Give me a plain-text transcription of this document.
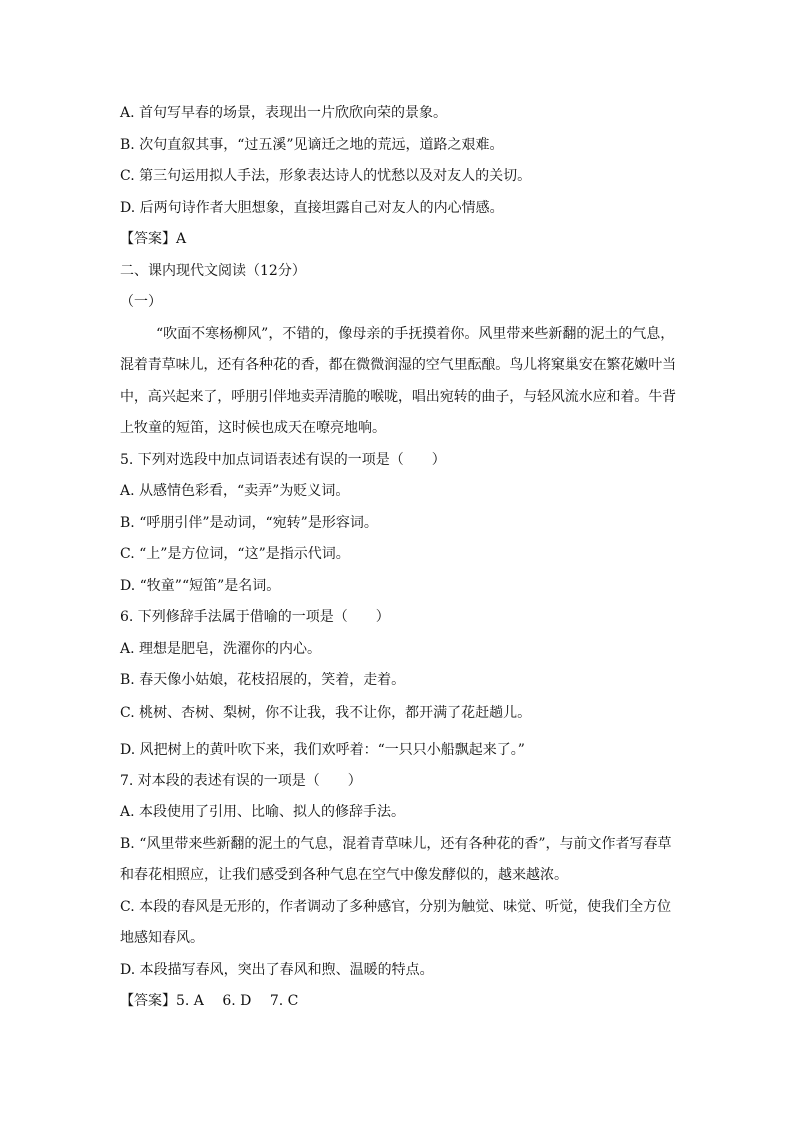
A. 首句写早春的场景，表现出一片欣欣向荣的景象。
B. 次句直叙其事，“过五溪”见谪迁之地的荒远，道路之艰难。
C. 第三句运用拟人手法，形象表达诗人的忧愁以及对友人的关切。
D. 后两句诗作者大胆想象，直接坦露自己对友人的内心情感。
【答案】A
二、课内现代文阅读（12分）
（一）
“吹面不寒杨柳风”，不错的，像母亲的手抚摸着你。风里带来些新翻的泥土的气息，
混着青草味儿，还有各种花的香，都在微微润湿的空气里酝酿。鸟儿将窠巢安在繁花嫩叶当
中，高兴起来了，呼朋引伴地卖弄清脆的喉咙，唱出宛转的曲子，与轻风流水应和着。牛背
上牧童的短笛，这时候也成天在嘹亮地响。
5. 下列对选段中加点词语表述有误的一项是（　　）
A. 从感情色彩看，“卖弄”为贬义词。
B. “呼朋引伴”是动词，“宛转”是形容词。
C. “上”是方位词，“这”是指示代词。
D. “牧童”“短笛”是名词。
6. 下列修辞手法属于借喻的一项是（　　）
A. 理想是肥皂，洗濯你的内心。
B. 春天像小姑娘，花枝招展的，笑着，走着。
C. 桃树、杏树、梨树，你不让我，我不让你，都开满了花赶趟儿。
D. 风把树上的黄叶吹下来，我们欢呼着：“一只只小船飘起来了。”
7. 对本段的表述有误的一项是（　　）
A. 本段使用了引用、比喻、拟人的修辞手法。
B. “风里带来些新翻的泥土的气息，混着青草味儿，还有各种花的香”，与前文作者写春草
和春花相照应，让我们感受到各种气息在空气中像发酵似的，越来越浓。
C. 本段的春风是无形的，作者调动了多种感官，分别为触觉、味觉、听觉，使我们全方位
地感知春风。
D. 本段描写春风，突出了春风和煦、温暖的特点。
【答案】5. A　 6. D　 7. C
